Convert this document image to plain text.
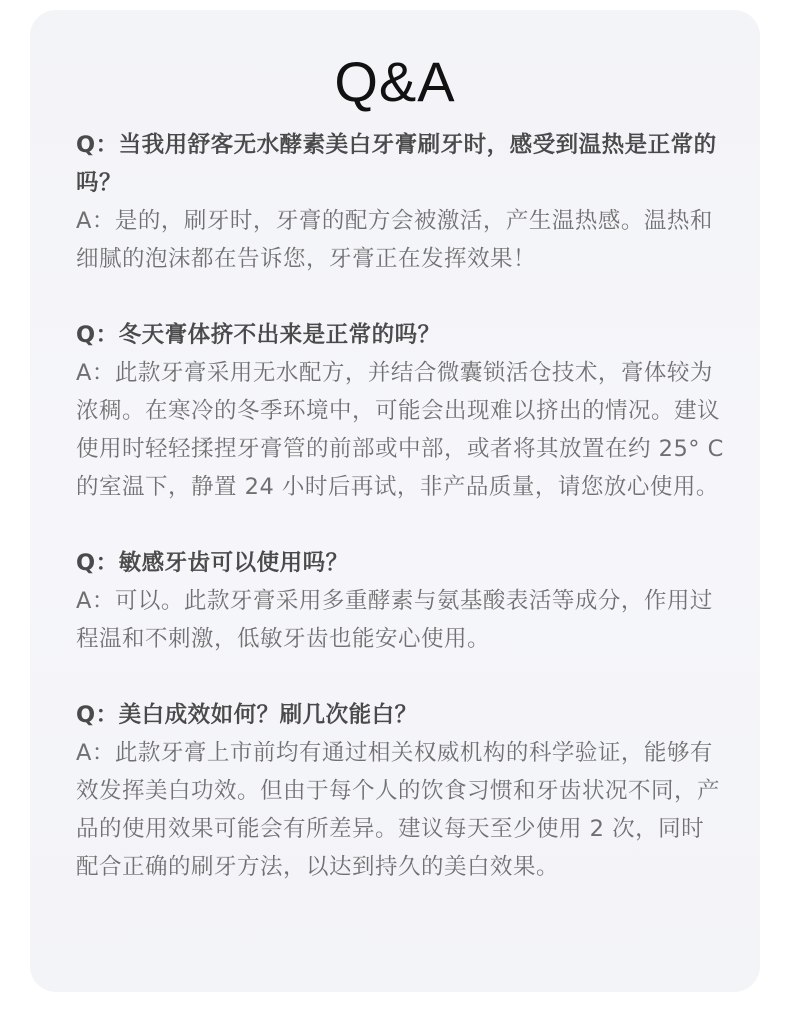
Q&A
Q：当我用舒客无水酵素美白牙膏刷牙时，感受到温热是正常的吗？
A：是的，刷牙时，牙膏的配方会被激活，产生温热感。温热和细腻的泡沫都在告诉您，牙膏正在发挥效果！
Q：冬天膏体挤不出来是正常的吗？
A：此款牙膏采用无水配方，并结合微囊锁活仓技术，膏体较为浓稠。在寒冷的冬季环境中，可能会出现难以挤出的情况。建议使用时轻轻揉捏牙膏管的前部或中部，或者将其放置在约 25° C 的室温下，静置 24 小时后再试，非产品质量，请您放心使用。
Q：敏感牙齿可以使用吗？
A：可以。此款牙膏采用多重酵素与氨基酸表活等成分，作用过程温和不刺激，低敏牙齿也能安心使用。
Q：美白成效如何？刷几次能白？
A：此款牙膏上市前均有通过相关权威机构的科学验证，能够有效发挥美白功效。但由于每个人的饮食习惯和牙齿状况不同，产品的使用效果可能会有所差异。建议每天至少使用 2 次，同时配合正确的刷牙方法，以达到持久的美白效果。
